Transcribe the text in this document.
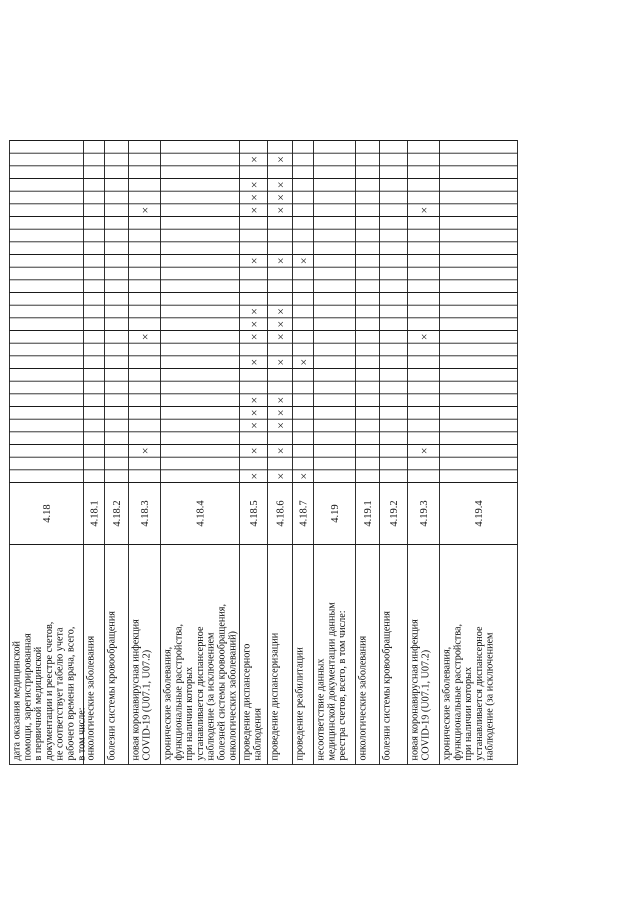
дата оказания медицинской помощи, зарегистрированная в первичной медицинской документации и реестре счетов, не соответствует табелю учета рабочего времени врача, всего, в том числе:
4.18
онкологические заболевания
4.18.1
болезни системы кровообращения
4.18.2
новая коронавирусная инфекция COVID-19 (U07.1, U07.2)
4.18.3
×
×
×
хронические заболевания, функциональные расстройства, при наличии которых устанавливается диспансерное наблюдение (за исключением болезней системы кровообращения, онкологических заболеваний)
4.18.4
проведение диспансерного наблюдения
4.18.5
×
×
×
×
×
×
×
×
×
×
×
×
×
×
проведение диспансеризации
4.18.6
×
×
×
×
×
×
×
×
×
×
×
×
×
×
проведение реабилитации
4.18.7
×
×
×
несоответствие данных медицинской документации данным реестра счетов, всего, в том числе:
4.19
онкологические заболевания
4.19.1
болезни системы кровообращения
4.19.2
новая коронавирусная инфекция COVID-19 (U07.1, U07.2)
4.19.3
×
×
×
хронические заболевания, функциональные расстройства, при наличии которых устанавливается диспансерное наблюдение (за исключением
4.19.4
